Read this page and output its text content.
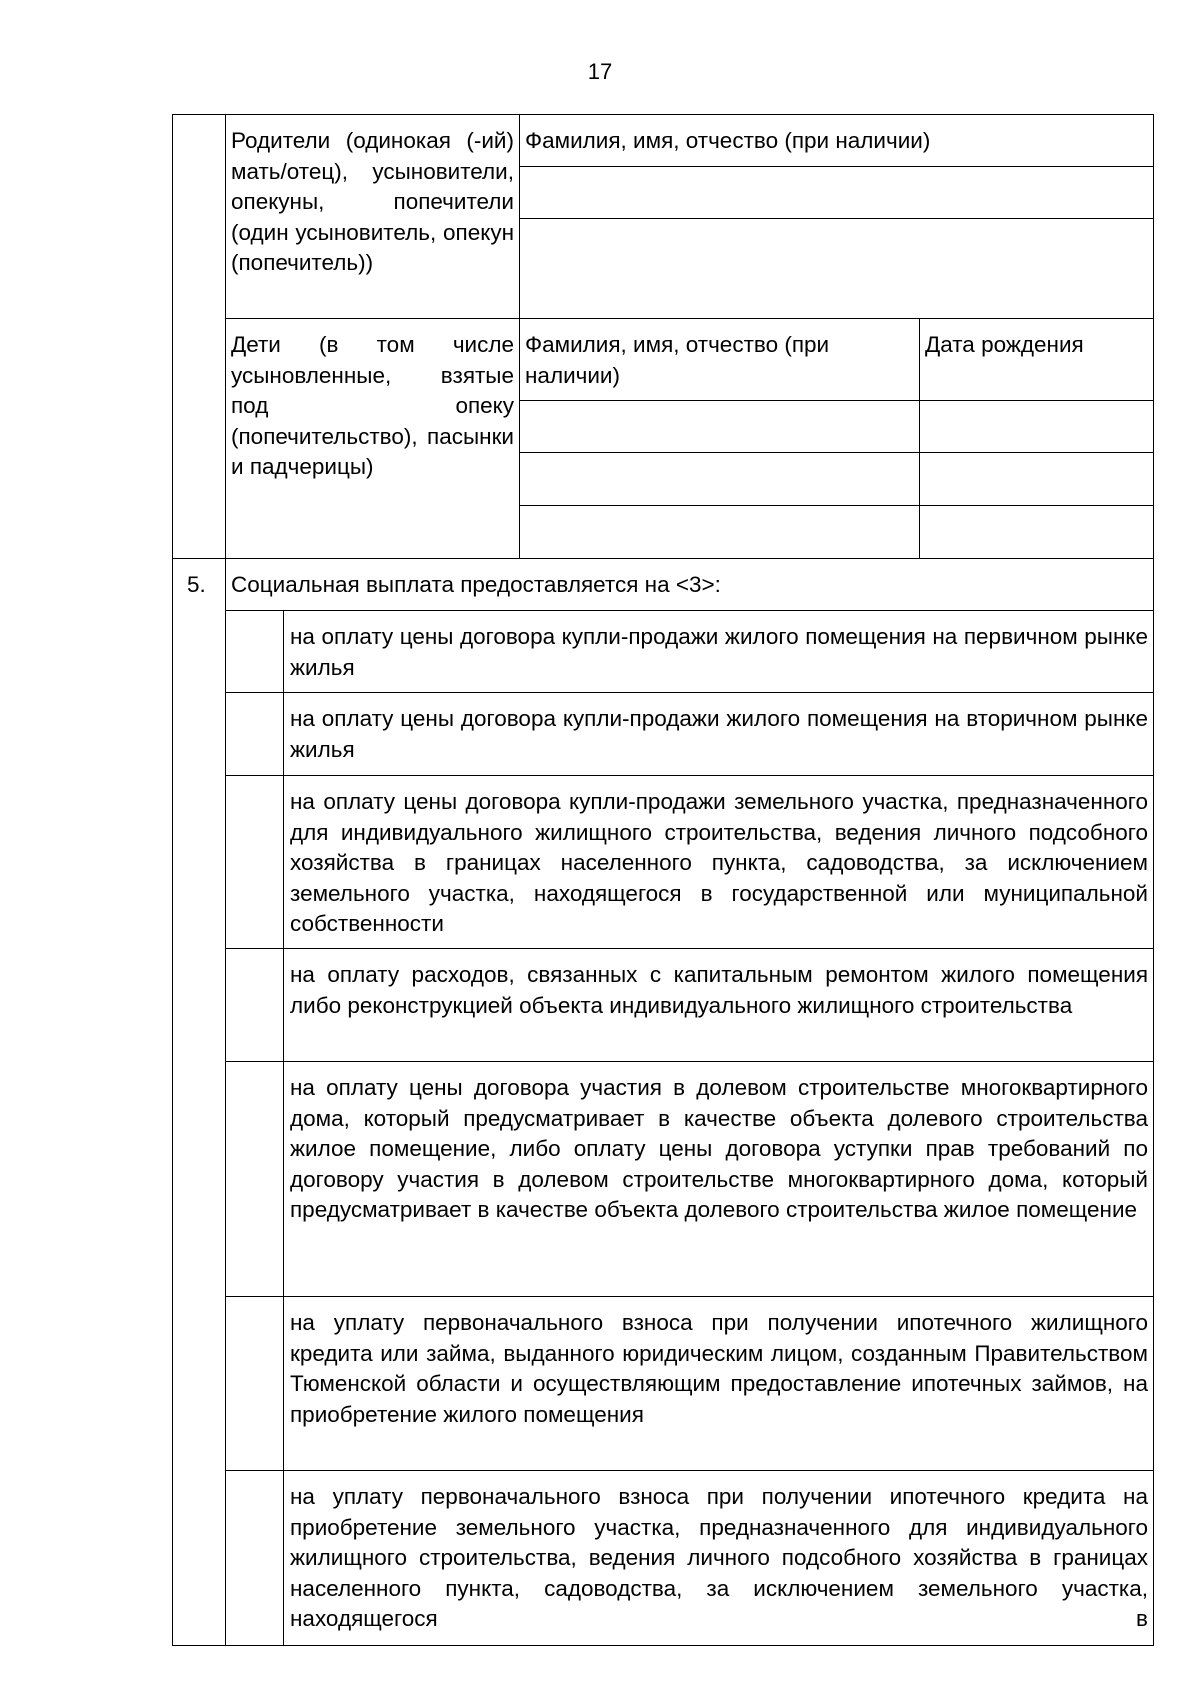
17
Родители (одинокая (-ий) мать/отец), усыновители, опекуны, попечители (один усыновитель, опекун (попечитель))
Фамилия, имя, отчество (при наличии)
Дети (в том числе усыновленные, взятые под опеку (попечительство), пасынки и падчерицы)
Фамилия, имя, отчество (при наличии)
Дата рождения
5.	Социальная выплата предоставляется на <3>:
на оплату цены договора купли-продажи жилого помещения на первичном рынке жилья
на оплату цены договора купли-продажи жилого помещения на вторичном рынке жилья
на оплату цены договора купли-продажи земельного участка, предназначенного для индивидуального жилищного строительства, ведения личного подсобного хозяйства в границах населенного пункта, садоводства, за исключением земельного участка, находящегося в государственной или муниципальной собственности
на оплату расходов, связанных с капитальным ремонтом жилого помещения либо реконструкцией объекта индивидуального жилищного строительства
на оплату цены договора участия в долевом строительстве многоквартирного дома, который предусматривает в качестве объекта долевого строительства жилое помещение, либо оплату цены договора уступки прав требований по договору участия в долевом строительстве многоквартирного дома, который предусматривает в качестве объекта долевого строительства жилое помещение
на уплату первоначального взноса при получении ипотечного жилищного кредита или займа, выданного юридическим лицом, созданным Правительством Тюменской области и осуществляющим предоставление ипотечных займов, на приобретение жилого помещения
на уплату первоначального взноса при получении ипотечного кредита на приобретение земельного участка, предназначенного для индивидуального жилищного строительства, ведения личного подсобного хозяйства в границах населенного пункта, садоводства, за исключением земельного участка, находящегося в
